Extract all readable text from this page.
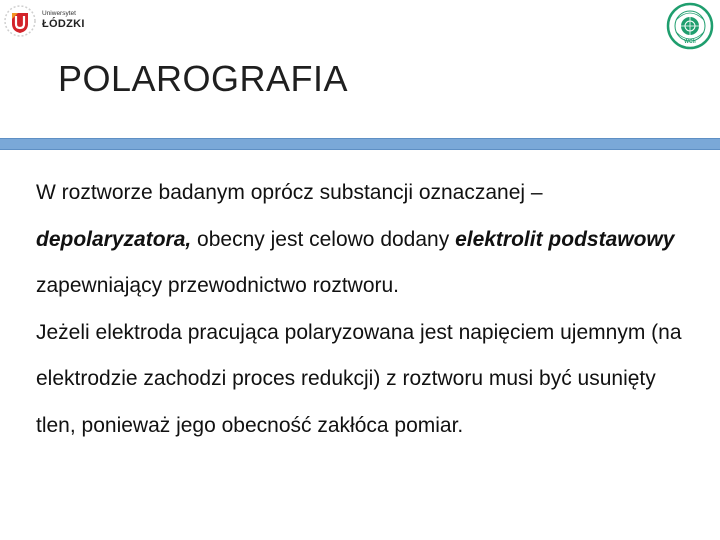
Uniwersytet
ŁÓDZKI
WCh
POLAROGRAFIA
W roztworze badanym oprócz substancji oznaczanej – depolaryzatora, obecny jest celowo dodany elektrolit podstawowy zapewniający przewodnictwo roztworu.
Jeżeli elektroda pracująca polaryzowana jest napięciem ujemnym (na elektrodzie zachodzi proces redukcji) z roztworu musi być usunięty tlen, ponieważ jego obecność zakłóca pomiar.
